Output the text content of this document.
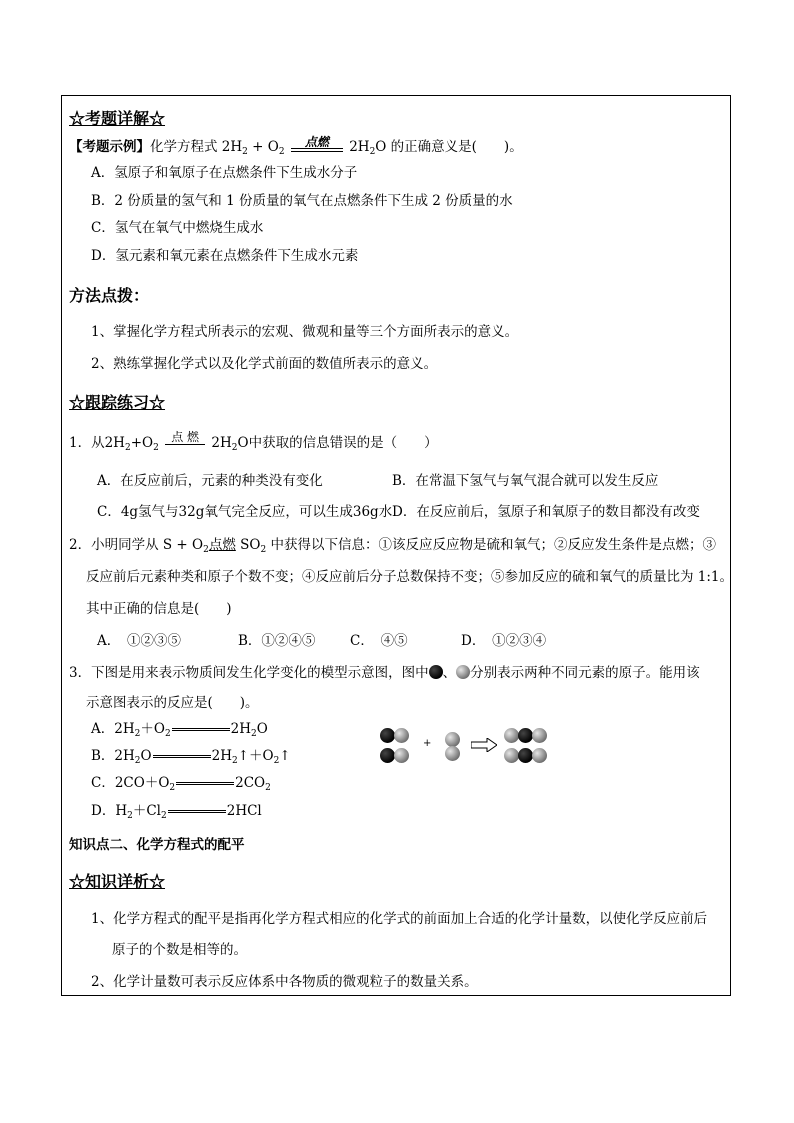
☆考题详解☆
【考题示例】化学方程式 $2H_2 + O_2$
点燃	$2H_2O$ 的正确意义是(　　)。
A．氢原子和氧原子在点燃条件下生成水分子
B．2 份质量的氢气和 1 份质量的氧气在点燃条件下生成 2 份质量的水
C．氢气在氧气中燃烧生成水
D．氢元素和氧元素在点燃条件下生成水元素
方法点拨：
1、掌握化学方程式所表示的宏观、微观和量等三个方面所表示的意义。
2、熟练掌握化学式以及化学式前面的数值所表示的意义。
☆跟踪练习☆
1．从$2H_2+O_2$
点 燃 $2H_2O$中获取的信息错误的是（　　）
A．在反应前后，元素的种类没有变化	B．在常温下氢气与氧气混合就可以发生反应
C．4g氢气与32g氧气完全反应，可以生成36g水 D．在反应前后，氢原子和氧原子的数目都没有改变
2．小明同学从 $S + O_2$点燃 $SO_2$ 中获得以下信息：①该反应反应物是硫和氧气；②反应发生条件是点燃；③
反应前后元素种类和原子个数不变；④反应前后分子总数保持不变；⑤参加反应的硫和氧气的质量比为 1:1。
其中正确的信息是(　　)
A．　①②③⑤	B．①②④⑤	C．　④⑤	D．　①②③④
3．下图是用来表示物质间发生化学变化的模型示意图，图中 、 分别表示两种不同元素的原子。能用该
示意图表示的反应是(　　)。
A．$2H_2+O_2$	$2H_2O$
B．$2H_2O$	$2H_2↑+O_2↑$
C．$2CO+O_2$	$2CO_2$
D．$H_2+Cl_2$	2HCl
+
知识点二、化学方程式的配平
☆知识详析☆
1、化学方程式的配平是指再化学方程式相应的化学式的前面加上合适的化学计量数，以使化学反应前后
原子的个数是相等的。
2、化学计量数可表示反应体系中各物质的微观粒子的数量关系。
